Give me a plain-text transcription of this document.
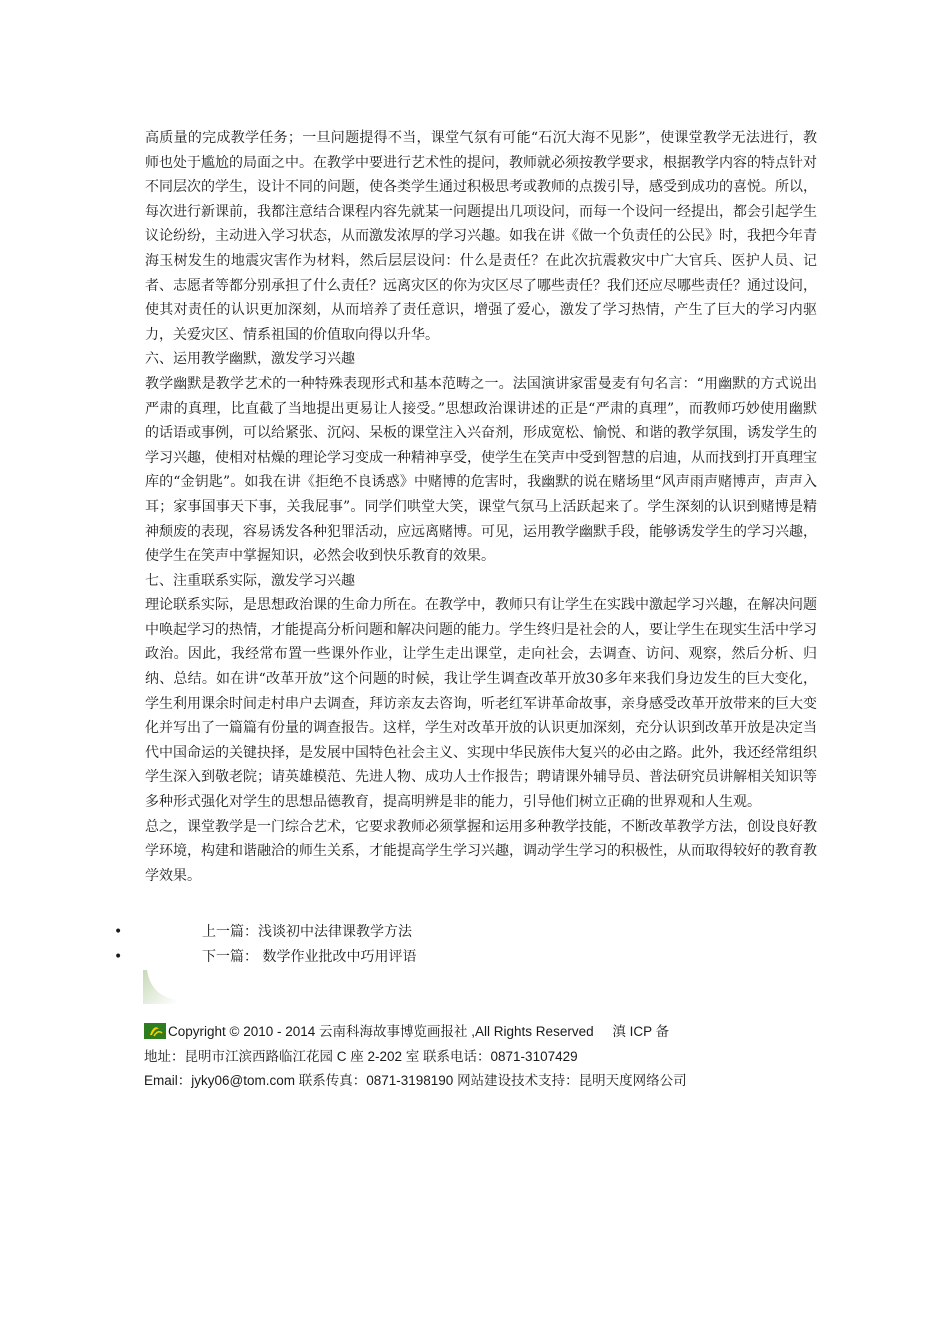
高质量的完成教学任务；一旦问题提得不当，课堂气氛有可能“石沉大海不见影”，使课堂教学无法进行，教师也处于尴尬的局面之中。在教学中要进行艺术性的提问，教师就必须按教学要求，根据教学内容的特点针对不同层次的学生，设计不同的问题，使各类学生通过积极思考或教师的点拨引导，感受到成功的喜悦。所以，每次进行新课前，我都注意结合课程内容先就某一问题提出几项设问，而每一个设问一经提出，都会引起学生议论纷纷，主动进入学习状态，从而激发浓厚的学习兴趣。如我在讲《做一个负责任的公民》时，我把今年青海玉树发生的地震灾害作为材料，然后层层设问：什么是责任？在此次抗震救灾中广大官兵、医护人员、记者、志愿者等都分别承担了什么责任？远离灾区的你为灾区尽了哪些责任？我们还应尽哪些责任？通过设问，使其对责任的认识更加深刻，从而培养了责任意识，增强了爱心，激发了学习热情，产生了巨大的学习内驱力，关爱灾区、情系祖国的价值取向得以升华。

六、运用教学幽默，激发学习兴趣

教学幽默是教学艺术的一种特殊表现形式和基本范畴之一。法国演讲家雷曼麦有句名言：“用幽默的方式说出严肃的真理，比直截了当地提出更易让人接受。”思想政治课讲述的正是“严肃的真理”，而教师巧妙使用幽默的话语或事例，可以给紧张、沉闷、呆板的课堂注入兴奋剂，形成宽松、愉悦、和谐的教学氛围，诱发学生的学习兴趣，使相对枯燥的理论学习变成一种精神享受，使学生在笑声中受到智慧的启迪，从而找到打开真理宝库的“金钥匙”。如我在讲《拒绝不良诱惑》中赌博的危害时，我幽默的说在赌场里“风声雨声赌博声，声声入耳；家事国事天下事，关我屁事”。同学们哄堂大笑，课堂气氛马上活跃起来了。学生深刻的认识到赌博是精神颓废的表现，容易诱发各种犯罪活动，应远离赌博。可见，运用教学幽默手段，能够诱发学生的学习兴趣，使学生在笑声中掌握知识，必然会收到快乐教育的效果。

七、注重联系实际，激发学习兴趣

理论联系实际，是思想政治课的生命力所在。在教学中，教师只有让学生在实践中激起学习兴趣，在解决问题中唤起学习的热情，才能提高分析问题和解决问题的能力。学生终归是社会的人，要让学生在现实生活中学习政治。因此，我经常布置一些课外作业，让学生走出课堂，走向社会，去调查、访问、观察，然后分析、归纳、总结。如在讲“改革开放”这个问题的时候，我让学生调查改革开放30多年来我们身边发生的巨大变化，学生利用课余时间走村串户去调查，拜访亲友去咨询，听老红军讲革命故事，亲身感受改革开放带来的巨大变化并写出了一篇篇有份量的调查报告。这样，学生对改革开放的认识更加深刻，充分认识到改革开放是决定当代中国命运的关键抉择，是发展中国特色社会主义、实现中华民族伟大复兴的必由之路。此外，我还经常组织学生深入到敬老院；请英雄模范、先进人物、成功人士作报告；聘请课外辅导员、普法研究员讲解相关知识等多种形式强化对学生的思想品德教育，提高明辨是非的能力，引导他们树立正确的世界观和人生观。

总之，课堂教学是一门综合艺术，它要求教师必须掌握和运用多种教学技能，不断改革教学方法，创设良好教学环境，构建和谐融洽的师生关系，才能提高学生学习兴趣，调动学生学习的积极性，从而取得较好的教育教学效果。

•	上一篇：浅谈初中法律课教学方法
•	下一篇： 数学作业批改中巧用评语
Copyright © 2010 - 2014 云南科海故事博览画报社 ,All Rights Reserved 滇 ICP 备
地址：昆明市江滨西路临江花园 C 座 2-202 室 联系电话：0871-3107429
Email：jyky06@tom.com 联系传真：0871-3198190 网站建设技术支持：昆明天度网络公司
